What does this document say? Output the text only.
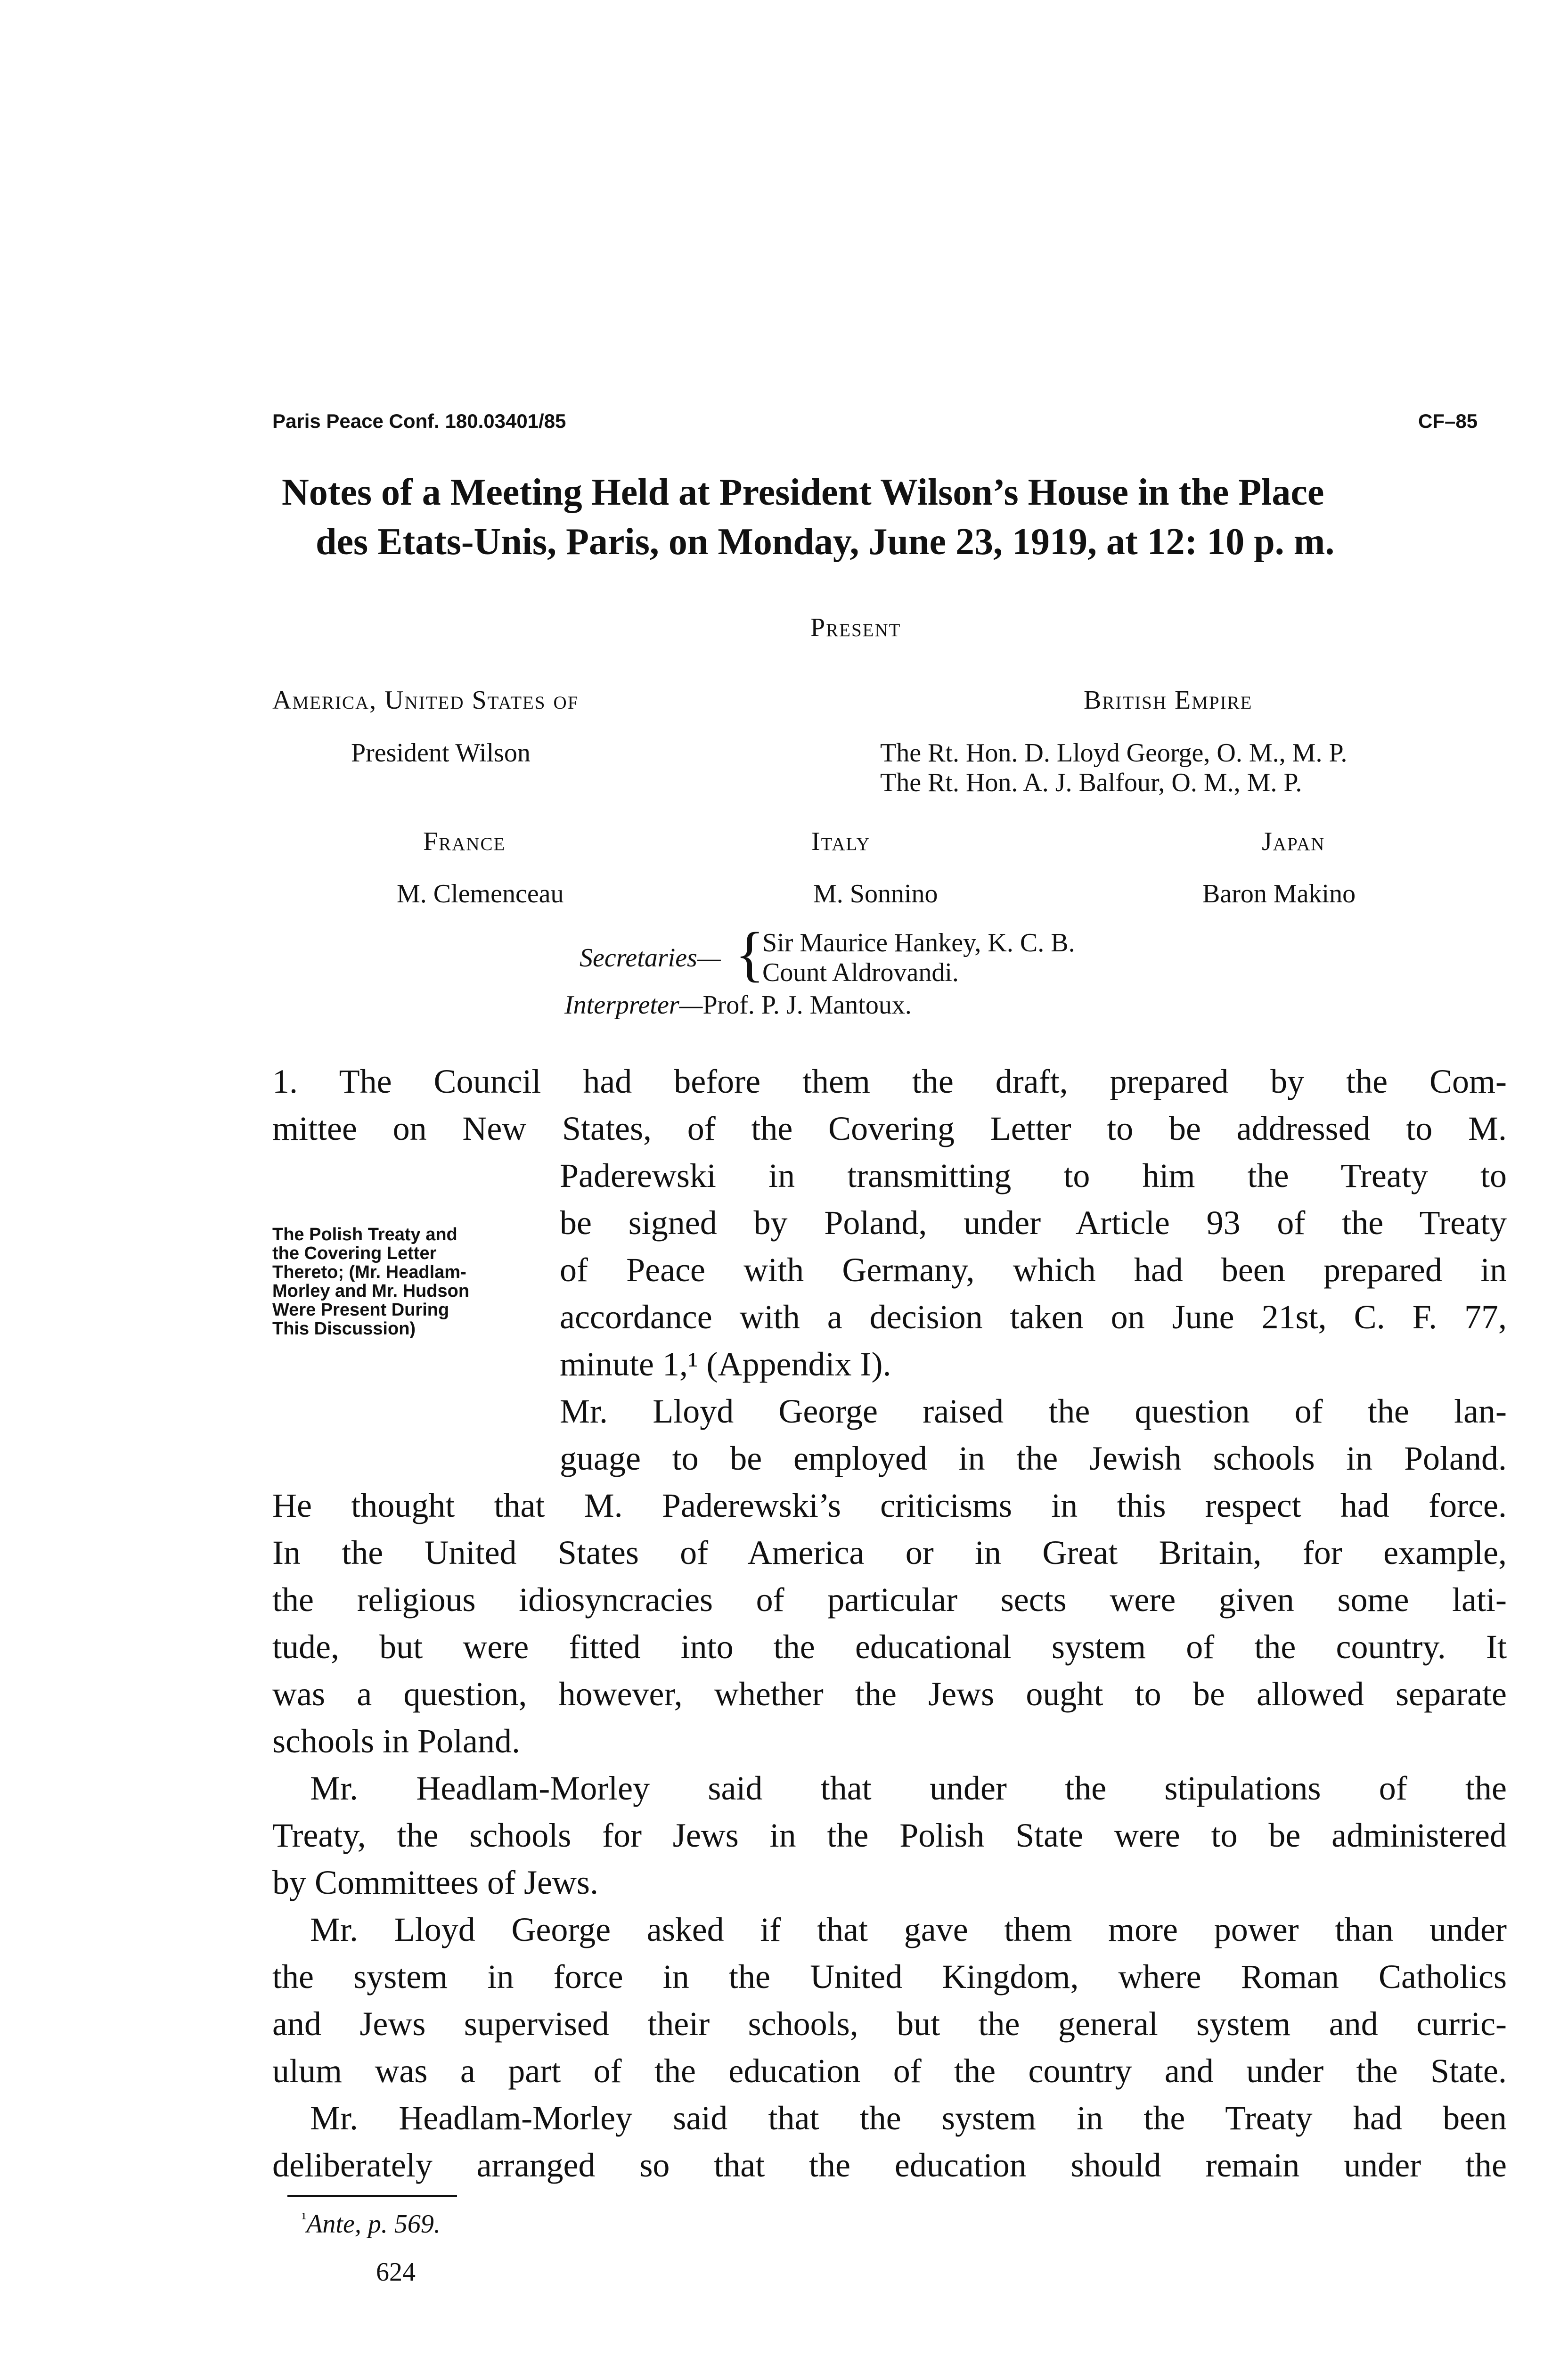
Paris Peace Conf. 180.03401/85	CF–85
Notes of a Meeting Held at President Wilson’s House in the Place
des Etats-Unis, Paris, on Monday, June 23, 1919, at 12: 10 p. m.
Present
America, United States of
President Wilson
British Empire
The Rt. Hon. D. Lloyd George, O. M., M. P.
The Rt. Hon. A. J. Balfour, O. M., M. P.
France
M. Clemenceau
Italy
M. Sonnino
Japan
Baron Makino
Secretaries— {
Sir Maurice Hankey, K. C. B.
Count Aldrovandi.
Interpreter—Prof. P. J. Mantoux.
The Polish Treaty and the Covering Letter Thereto; (Mr. Headlam-Morley and Mr. Hudson Were Present During This Discussion)
1. The Council had before them the draft, prepared by the Com-
mittee on New States, of the Covering Letter to be addressed to M.
Paderewski in transmitting to him the Treaty to
be signed by Poland, under Article 93 of the Treaty
of Peace with Germany, which had been prepared in
accordance with a decision taken on June 21st, C. F. 77,
minute 1,¹ (Appendix I).
Mr. Lloyd George raised the question of the lan-
guage to be employed in the Jewish schools in Poland.
He thought that M. Paderewski’s criticisms in this respect had force.
In the United States of America or in Great Britain, for example,
the religious idiosyncracies of particular sects were given some lati-
tude, but were fitted into the educational system of the country. It
was a question, however, whether the Jews ought to be allowed separate
schools in Poland.
Mr. Headlam-Morley said that under the stipulations of the
Treaty, the schools for Jews in the Polish State were to be administered
by Committees of Jews.
Mr. Lloyd George asked if that gave them more power than under
the system in force in the United Kingdom, where Roman Catholics
and Jews supervised their schools, but the general system and curric-
ulum was a part of the education of the country and under the State.
Mr. Headlam-Morley said that the system in the Treaty had been
deliberately arranged so that the education should remain under the
$^{^1}$Ante, p. 569.
624
